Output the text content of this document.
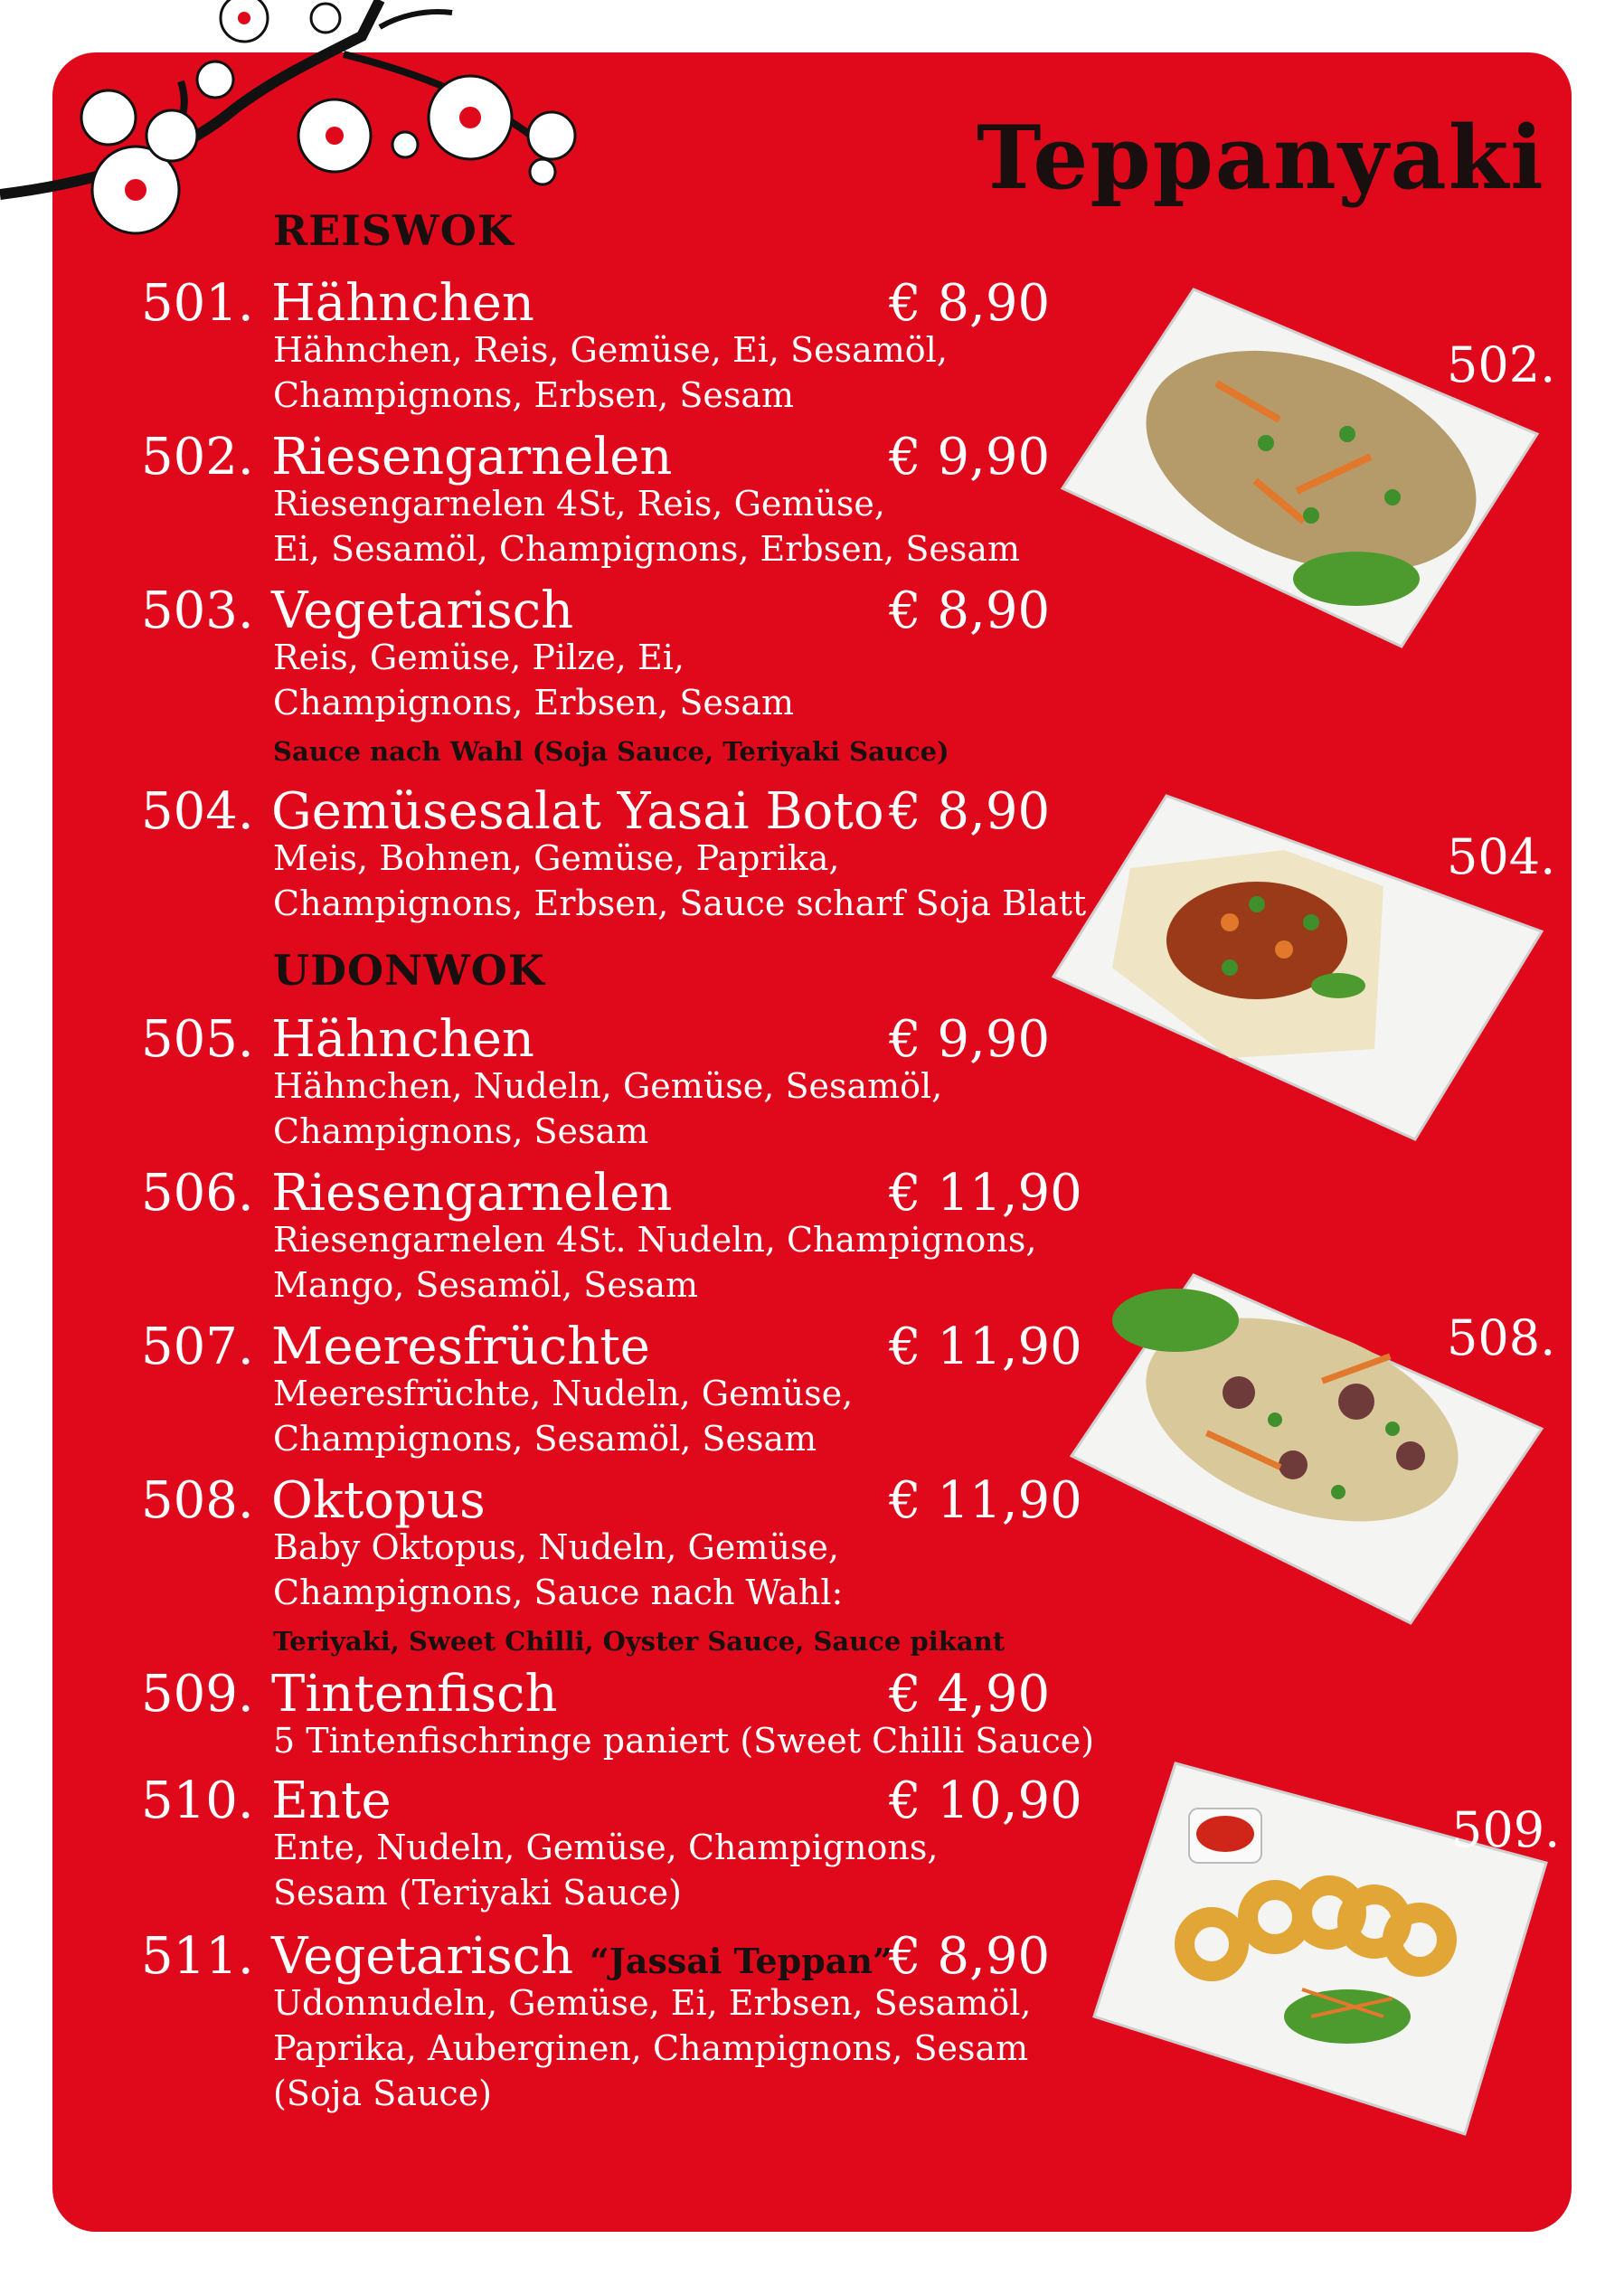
Teppanyaki
REISWOK
501. Hähnchen	€ 8,90
Hähnchen, Reis, Gemüse, Ei, Sesamöl,
Champignons, Erbsen, Sesam
502. Riesengarnelen	€ 9,90
Riesengarnelen 4St, Reis, Gemüse,
Ei, Sesamöl, Champignons, Erbsen, Sesam
503. Vegetarisch	€ 8,90
Reis, Gemüse, Pilze, Ei,
Champignons, Erbsen, Sesam
Sauce nach Wahl (Soja Sauce, Teriyaki Sauce)
504. Gemüsesalat Yasai Boto € 8,90
Meis, Bohnen, Gemüse, Paprika,
Champignons, Erbsen, Sauce scharf Soja Blatt
UDONWOK
505. Hähnchen	€ 9,90
Hähnchen, Nudeln, Gemüse, Sesamöl,
Champignons, Sesam
506. Riesengarnelen	€ 11,90
Riesengarnelen 4St. Nudeln, Champignons,
Mango, Sesamöl, Sesam
507. Meeresfrüchte	€ 11,90
Meeresfrüchte, Nudeln, Gemüse,
Champignons, Sesamöl, Sesam
508. Oktopus	€ 11,90
Baby Oktopus, Nudeln, Gemüse,
Champignons, Sauce nach Wahl:
Teriyaki, Sweet Chilli, Oyster Sauce, Sauce pikant
509. Tintenfisch	€ 4,90
5 Tintenfischringe paniert (Sweet Chilli Sauce)
510. Ente	€ 10,90
Ente, Nudeln, Gemüse, Champignons,
Sesam (Teriyaki Sauce)
511. Vegetarisch “Jassai Teppan”
€ 8,90
Udonnudeln, Gemüse, Ei, Erbsen, Sesamöl,
Paprika, Auberginen, Champignons, Sesam
(Soja Sauce)
502.
504.
508.
509.
